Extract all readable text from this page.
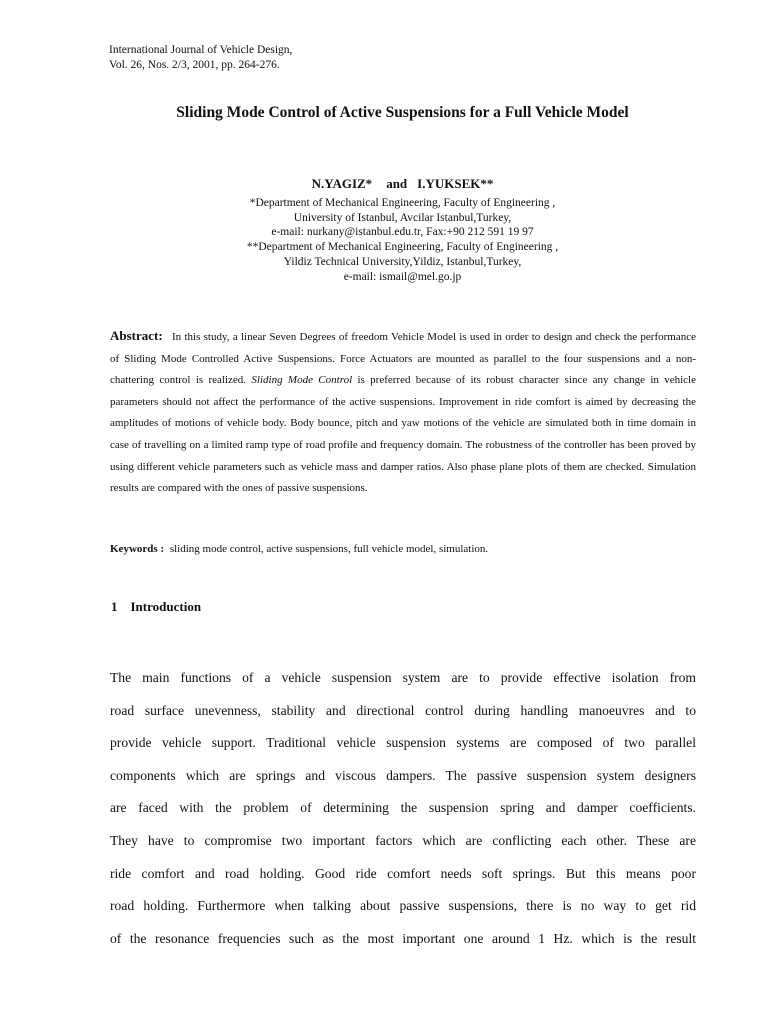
International Journal of Vehicle Design,
Vol. 26, Nos. 2/3, 2001, pp. 264-276.
Sliding Mode Control of Active Suspensions for a Full Vehicle Model
N.YAGIZ* and I.YUKSEK**
*Department of Mechanical Engineering, Faculty of Engineering ,
University of Istanbul, Avcilar Istanbul,Turkey,
e-mail: nurkany@istanbul.edu.tr, Fax:+90 212 591 19 97
**Department of Mechanical Engineering, Faculty of Engineering ,
Yildiz Technical University,Yildiz, Istanbul,Turkey,
e-mail: ismail@mel.go.jp
Abstract: In this study, a linear Seven Degrees of freedom Vehicle Model is used in order to design and check the performance of Sliding Mode Controlled Active Suspensions. Force Actuators are mounted as parallel to the four suspensions and a non-chattering control is realized. Sliding Mode Control is preferred because of its robust character since any change in vehicle parameters should not affect the performance of the active suspensions. Improvement in ride comfort is aimed by decreasing the amplitudes of motions of vehicle body. Body bounce, pitch and yaw motions of the vehicle are simulated both in time domain in case of travelling on a limited ramp type of road profile and frequency domain. The robustness of the controller has been proved by using different vehicle parameters such as vehicle mass and damper ratios. Also phase plane plots of them are checked. Simulation results are compared with the ones of passive suspensions.
Keywords : sliding mode control, active suspensions, full vehicle model, simulation.
1 Introduction
The main functions of a vehicle suspension system are to provide effective isolation from
road surface unevenness, stability and directional control during handling manoeuvres and to
provide vehicle support. Traditional vehicle suspension systems are composed of two parallel
components which are springs and viscous dampers. The passive suspension system designers
are faced with the problem of determining the suspension spring and damper coefficients.
They have to compromise two important factors which are conflicting each other. These are
ride comfort and road holding. Good ride comfort needs soft springs. But this means poor
road holding. Furthermore when talking about passive suspensions, there is no way to get rid
of the resonance frequencies such as the most important one around 1 Hz. which is the result
